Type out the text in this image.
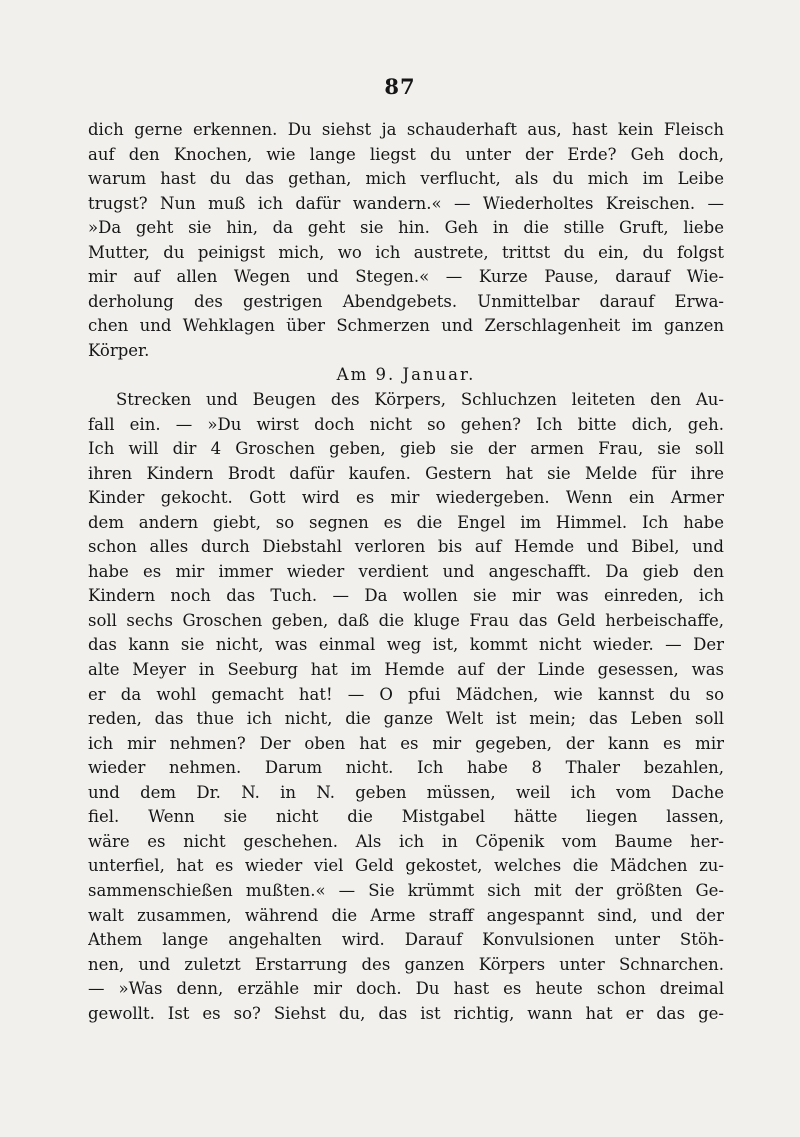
87
dich gerne erkennen. Du siehst ja schauderhaft aus, hast kein Fleisch
auf den Knochen, wie lange liegst du unter der Erde? Geh doch,
warum hast du das gethan, mich verflucht, als du mich im Leibe
trugst? Nun muß ich dafür wandern.« — Wiederholtes Kreischen. —
»Da geht sie hin, da geht sie hin. Geh in die stille Gruft, liebe
Mutter, du peinigst mich, wo ich austrete, trittst du ein, du folgst
mir auf allen Wegen und Stegen.« — Kurze Pause, darauf Wie-
derholung des gestrigen Abendgebets. Unmittelbar darauf Erwa-
chen und Wehklagen über Schmerzen und Zerschlagenheit im ganzen
Körper.
Am 9. Januar.
Strecken und Beugen des Körpers, Schluchzen leiteten den Au-
fall ein. — »Du wirst doch nicht so gehen? Ich bitte dich, geh.
Ich will dir 4 Groschen geben, gieb sie der armen Frau, sie soll
ihren Kindern Brodt dafür kaufen. Gestern hat sie Melde für ihre
Kinder gekocht. Gott wird es mir wiedergeben. Wenn ein Armer
dem andern giebt, so segnen es die Engel im Himmel. Ich habe
schon alles durch Diebstahl verloren bis auf Hemde und Bibel, und
habe es mir immer wieder verdient und angeschafft. Da gieb den
Kindern noch das Tuch. — Da wollen sie mir was einreden, ich
soll sechs Groschen geben, daß die kluge Frau das Geld herbeischaffe,
das kann sie nicht, was einmal weg ist, kommt nicht wieder. — Der
alte Meyer in Seeburg hat im Hemde auf der Linde gesessen, was
er da wohl gemacht hat! — O pfui Mädchen, wie kannst du so
reden, das thue ich nicht, die ganze Welt ist mein; das Leben soll
ich mir nehmen? Der oben hat es mir gegeben, der kann es mir
wieder nehmen. Darum nicht. Ich habe 8 Thaler bezahlen,
und dem Dr. N. in N. geben müssen, weil ich vom Dache
fiel. Wenn sie nicht die Mistgabel hätte liegen lassen,
wäre es nicht geschehen. Als ich in Cöpenik vom Baume her-
unterfiel, hat es wieder viel Geld gekostet, welches die Mädchen zu-
sammenschießen mußten.« — Sie krümmt sich mit der größten Ge-
walt zusammen, während die Arme straff angespannt sind, und der
Athem lange angehalten wird. Darauf Konvulsionen unter Stöh-
nen, und zuletzt Erstarrung des ganzen Körpers unter Schnarchen.
— »Was denn, erzähle mir doch. Du hast es heute schon dreimal
gewollt. Ist es so? Siehst du, das ist richtig, wann hat er das ge-
